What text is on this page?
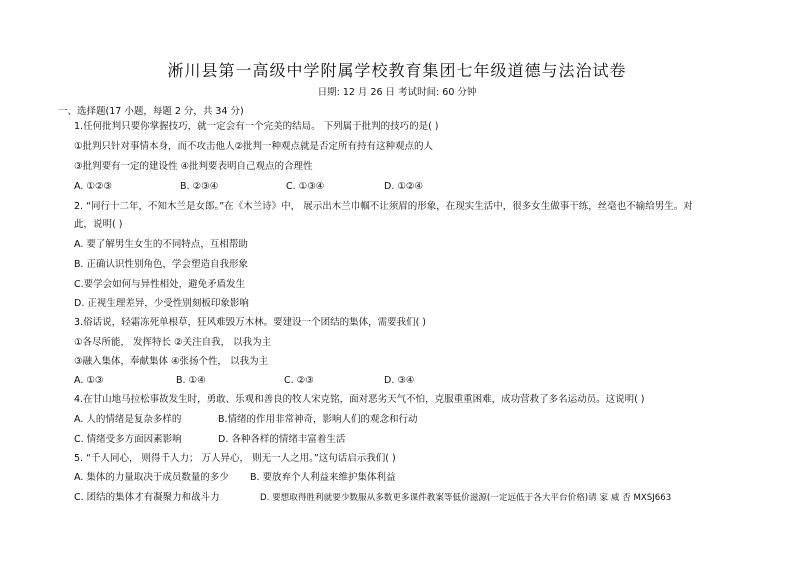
淅川县第一高级中学附属学校教育集团七年级道德与法治试卷
日期: 12 月 26 日 考试时间: 60 分钟
一、选择题(17 小题，每题 2 分，共 34 分)
1.任何批判只要你掌握技巧，就一定会有一个完美的结局。 下列属于批判的技巧的是( )
①批判只针对事情本身，而不攻击他人②批判一种观点就是否定所有持有这种观点的人
③批判要有一定的建设性 ④批判要表明自己观点的合理性
A. ①②③	B. ②③④	C. ①③④	D. ①②④
2. “同行十二年，不知木兰是女郎。”在《木兰诗》中， 展示出木兰巾帼不让须眉的形象，在现实生活中，很多女生做事干练，丝毫也不输给男生。对
此，说明( )
A. 要了解男生女生的不同特点，互相帮助
B. 正确认识性别角色，学会塑造自我形象
C.要学会如何与异性相处，避免矛盾发生
D. 正视生理差异，少受性别刻板印象影响
3.俗话说，轻霜冻死单根草，狂风难毁万木林。要建设一个团结的集体，需要我们( )
①各尽所能， 发挥特长 ②关注自我， 以我为主
③融入集体，奉献集体 ④张扬个性， 以我为主
A. ①③	B. ①④	C. ②③	D. ③④
4.在甘山地马拉松事故发生时，勇敢、乐观和善良的牧人宋克铭，面对恶劣天气不怕，克服重重困难，成功营救了多名运动员。这说明( )
A. 人的情绪是复杂多样的	B.情绪的作用非常神奇，影响人们的观念和行动
C. 情绪受多方面因素影响	D. 各种各样的情绪丰富着生活
5. “千人同心， 则得千人力； 万人异心， 则无一人之用。”这句话启示我们( )
A. 集体的力量取决于成员数量的多少 B. 要放弃个人利益来维护集体利益
C. 团结的集体才有凝聚力和战斗力	D. 要想取得胜利就要少数服从多数更多课件教案等低价滋源(一定远低于各大平台价格)请 家 威 否 MXSJ663
